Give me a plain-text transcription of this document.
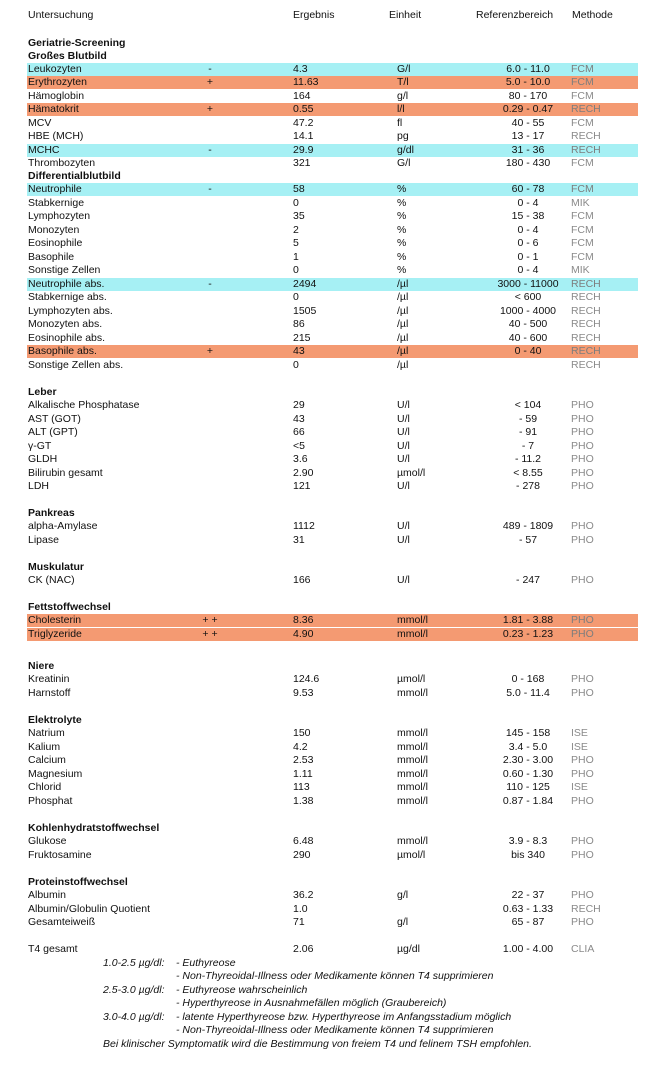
Untersuchung	Ergebnis	Einheit	Referenzbereich Methode
Geriatrie-Screening
Großes Blutbild
Differentialblutbild
Leber
Pankreas
Muskulatur
Fettstoffwechsel
Niere
Elektrolyte
Kohlenhydratstoffwechsel
Proteinstoffwechsel
Leukozyten	-	4.3	G/l	6.0 - 11.0	FCM
Erythrozyten	+	11.63	T/l	5.0 - 10.0	FCM
Hämoglobin	164	g/l	80 - 170	FCM
Hämatokrit	+	0.55	l/l	0.29 - 0.47	RECH
MCV	47.2	fl	40 - 55	FCM
HBE (MCH)	14.1	pg	13 - 17	RECH
MCHC	-	29.9	g/dl	31 - 36	RECH
Thrombozyten	321	G/l	180 - 430	FCM
Neutrophile	-	58	%	60 - 78	FCM
Stabkernige	0	%	0 - 4	MIK
Lymphozyten	35	%	15 - 38	FCM
Monozyten	2	%	0 - 4	FCM
Eosinophile	5	%	0 - 6	FCM
Basophile	1	%	0 - 1	FCM
Sonstige Zellen	0	%	0 - 4	MIK
Neutrophile abs.	-	2494	/µl	3000 - 11000	RECH
Stabkernige abs.	0	/µl	< 600	RECH
Lymphozyten abs.	1505	/µl	1000 - 4000	RECH
Monozyten abs.	86	/µl	40 - 500	RECH
Eosinophile abs.	215	/µl	40 - 600	RECH
Basophile abs.	+	43	/µl	0 - 40	RECH
Sonstige Zellen abs.	0	/µl	RECH
Alkalische Phosphatase	29	U/l	< 104	PHO
AST (GOT)	43	U/l	- 59	PHO
ALT (GPT)	66	U/l	- 91	PHO
γ-GT	<5	U/l	- 7	PHO
GLDH	3.6	U/l	- 11.2	PHO
Bilirubin gesamt	2.90	µmol/l	< 8.55	PHO
LDH	121	U/l	- 278	PHO
alpha-Amylase	1112	U/l	489 - 1809	PHO
Lipase	31	U/l	- 57	PHO
CK (NAC)	166	U/l	- 247	PHO
Cholesterin	+ +	8.36	mmol/l	1.81 - 3.88	PHO
Triglyzeride	+ +	4.90	mmol/l	0.23 - 1.23	PHO
Kreatinin	124.6	µmol/l	0 - 168	PHO
Harnstoff	9.53	mmol/l	5.0 - 11.4	PHO
Natrium	150	mmol/l	145 - 158	ISE
Kalium	4.2	mmol/l	3.4 - 5.0	ISE
Calcium	2.53	mmol/l	2.30 - 3.00	PHO
Magnesium	1.11	mmol/l	0.60 - 1.30	PHO
Chlorid	113	mmol/l	110 - 125	ISE
Phosphat	1.38	mmol/l	0.87 - 1.84	PHO
Glukose	6.48	mmol/l	3.9 - 8.3	PHO
Fruktosamine	290	µmol/l	bis 340	PHO
Albumin	36.2	g/l	22 - 37	PHO
Albumin/Globulin Quotient	1.0	0.63 - 1.33	RECH
Gesamteiweiß	71	g/l	65 - 87	PHO
T4 gesamt	2.06	µg/dl	1.00 - 4.00	CLIA
1.0-2.5 µg/dl: - Euthyreose
- Non-Thyreoidal-Illness oder Medikamente können T4 supprimieren
2.5-3.0 µg/dl: - Euthyreose wahrscheinlich
- Hyperthyreose in Ausnahmefällen möglich (Graubereich)
3.0-4.0 µg/dl: - latente Hyperthyreose bzw. Hyperthyreose im Anfangsstadium möglich
- Non-Thyreoidal-Illness oder Medikamente können T4 supprimieren
Bei klinischer Symptomatik wird die Bestimmung von freiem T4 und felinem TSH empfohlen.
